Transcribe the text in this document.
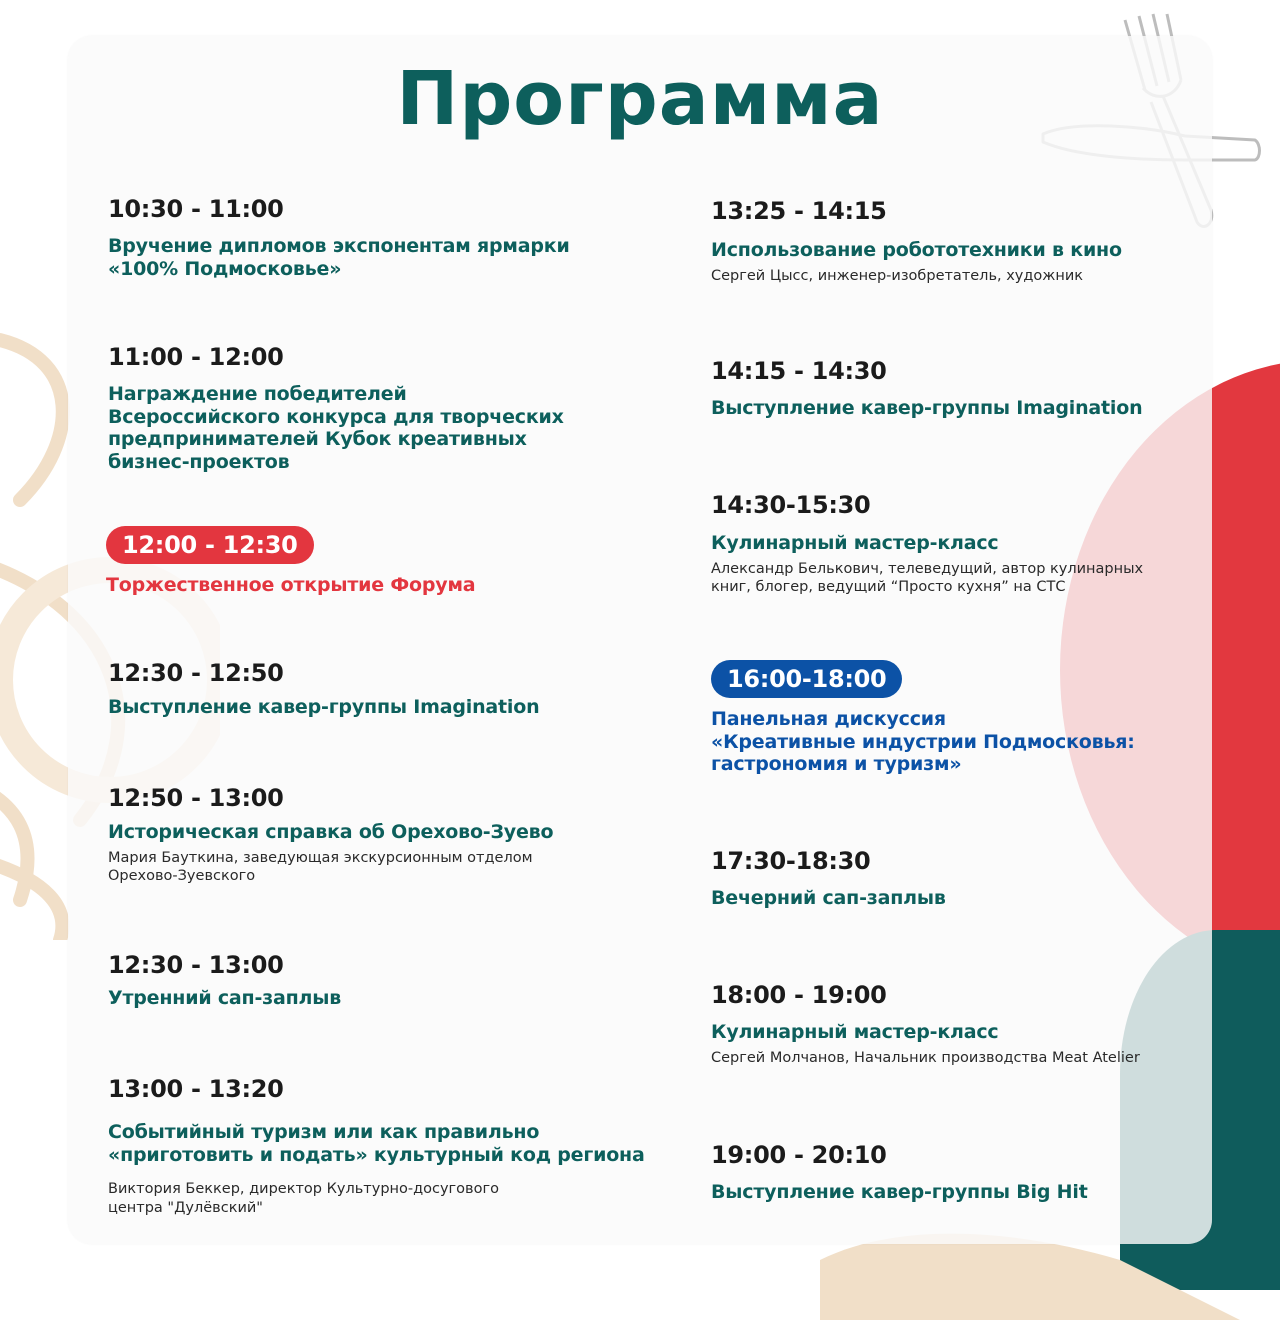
Программа
10:30 - 11:00
Вручение дипломов экспонентам ярмарки
«100% Подмосковье»
11:00 - 12:00
Награждение победителей
Всероссийского конкурса для творческих
предпринимателей Кубок креативных
бизнес-проектов
12:00 - 12:30
Торжественное открытие Форума
12:30 - 12:50
Выступление кавер-группы Imagination
12:50 - 13:00
Историческая справка об Орехово-Зуево
Мария Бауткина, заведующая экскурсионным отделом
Орехово-Зуевского
12:30 - 13:00
Утренний сап-заплыв
13:00 - 13:20
Событийный туризм или как правильно
«приготовить и подать» культурный код региона
Виктория Беккер, директор Культурно-досугового
центра "Дулёвский"
13:25 - 14:15
Использование робототехники в кино
Сергей Цысс, инженер-изобретатель, художник
14:15 - 14:30
Выступление кавер-группы Imagination
14:30-15:30
Кулинарный мастер-класс
Александр Белькович, телеведущий, автор кулинарных
книг, блогер, ведущий “Просто кухня” на СТС
16:00-18:00
Панельная дискуссия
«Креативные индустрии Подмосковья:
гастрономия и туризм»
17:30-18:30
Вечерний сап-заплыв
18:00 - 19:00
Кулинарный мастер-класс
Сергей Молчанов, Начальник производства Meat Atelier
19:00 - 20:10
Выступление кавер-группы Big Hit
